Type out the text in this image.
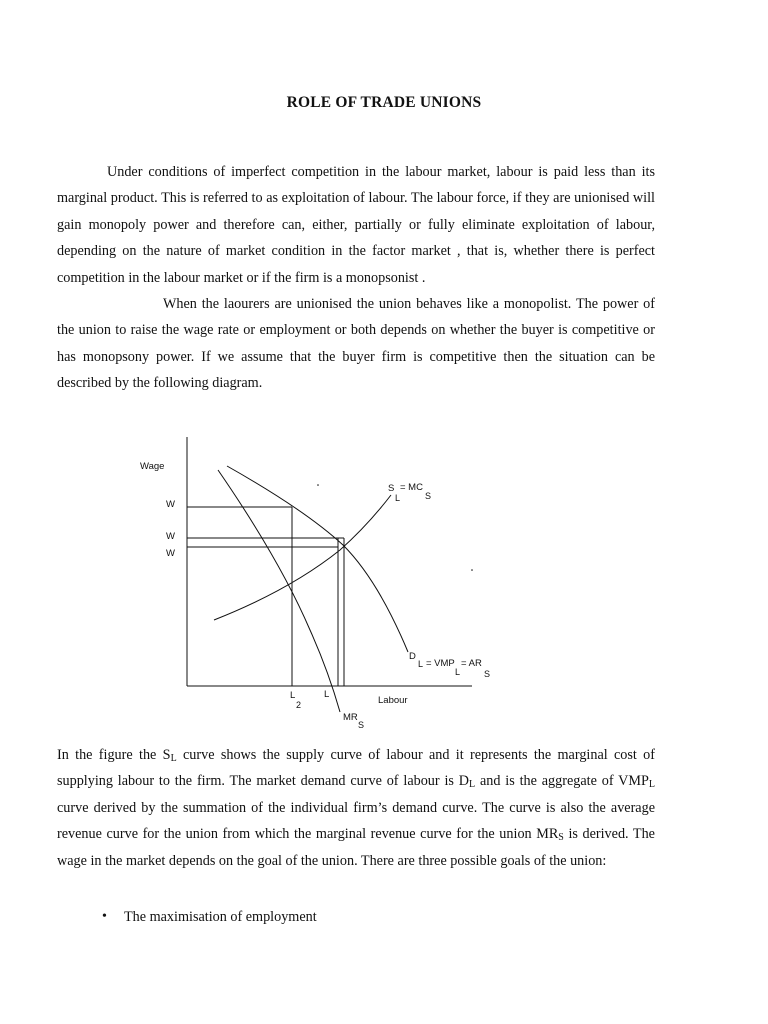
ROLE OF TRADE UNIONS

Under conditions of imperfect competition in the labour market, labour is paid less than its marginal product. This is referred to as exploitation of labour. The labour force, if they are unionised will gain monopoly power and therefore can, either, partially or fully eliminate exploitation of labour, depending on the nature of market condition in the factor market , that is, whether there is perfect competition in the labour market or if the firm is a monopsonist .

When the laourers are unionised the union behaves like a monopolist. The power of the union to raise the wage rate or employment or both depends on whether the buyer is competitive or has monopsony power. If we assume that the buyer firm is competitive then the situation can be described by the following diagram.

Wage
Labour
W
W
W
L
2
L
S
L
= MC
S
D
L = VMP
L
= AR
S
MR
S

In the figure the $S_L$ curve shows the supply curve of labour and it represents the marginal cost of supplying labour to the firm. The market demand curve of labour is $D_L$ and is the aggregate of $VMP_L$ curve derived by the summation of the individual firm’s demand curve. The curve is also the average revenue curve for the union from which the marginal revenue curve for the union $MR_S$ is derived. The wage in the market depends on the goal of the union. There are three possible goals of the union:

• The maximisation of employment
